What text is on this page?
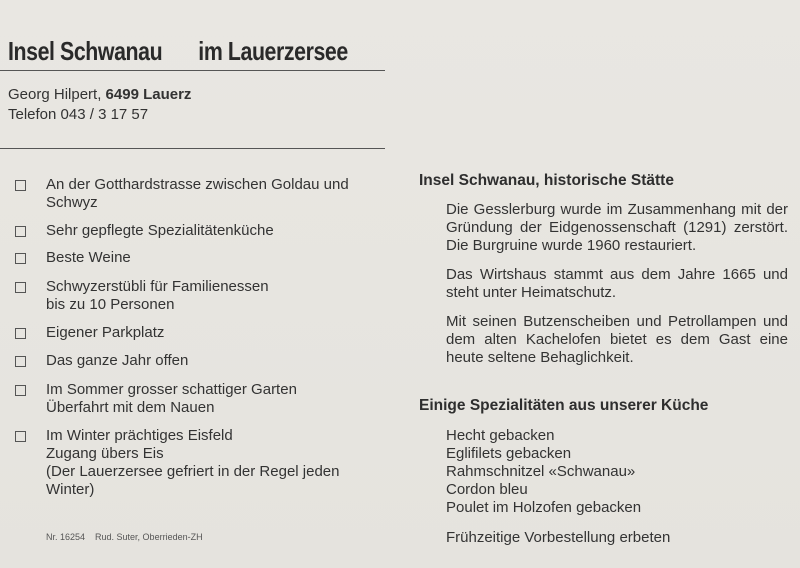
Insel Schwanau im Lauerzersee
Georg Hilpert, 6499 Lauerz
Telefon 043 / 3 17 57
An der Gotthardstrasse zwischen Goldau und
Schwyz
Sehr gepflegte Spezialitätenküche
Beste Weine
Schwyzerstübli für Familienessen
bis zu 10 Personen
Eigener Parkplatz
Das ganze Jahr offen
Im Sommer grosser schattiger Garten
Überfahrt mit dem Nauen
Im Winter prächtiges Eisfeld
Zugang übers Eis
(Der Lauerzersee gefriert in der Regel jeden
Winter)
Nr. 16254 Rud. Suter, Oberrieden-ZH
Insel Schwanau, historische Stätte
Die Gesslerburg wurde im Zusammenhang mit der Gründung der Eidgenossenschaft (1291) zerstört. Die Burgruine wurde 1960 restauriert.
Das Wirtshaus stammt aus dem Jahre 1665 und steht unter Heimatschutz.
Mit seinen Butzenscheiben und Petrollampen und dem alten Kachelofen bietet es dem Gast eine heute seltene Behaglichkeit.
Einige Spezialitäten aus unserer Küche
Hecht gebacken
Eglifilets gebacken
Rahmschnitzel «Schwanau»
Cordon bleu
Poulet im Holzofen gebacken
Frühzeitige Vorbestellung erbeten
